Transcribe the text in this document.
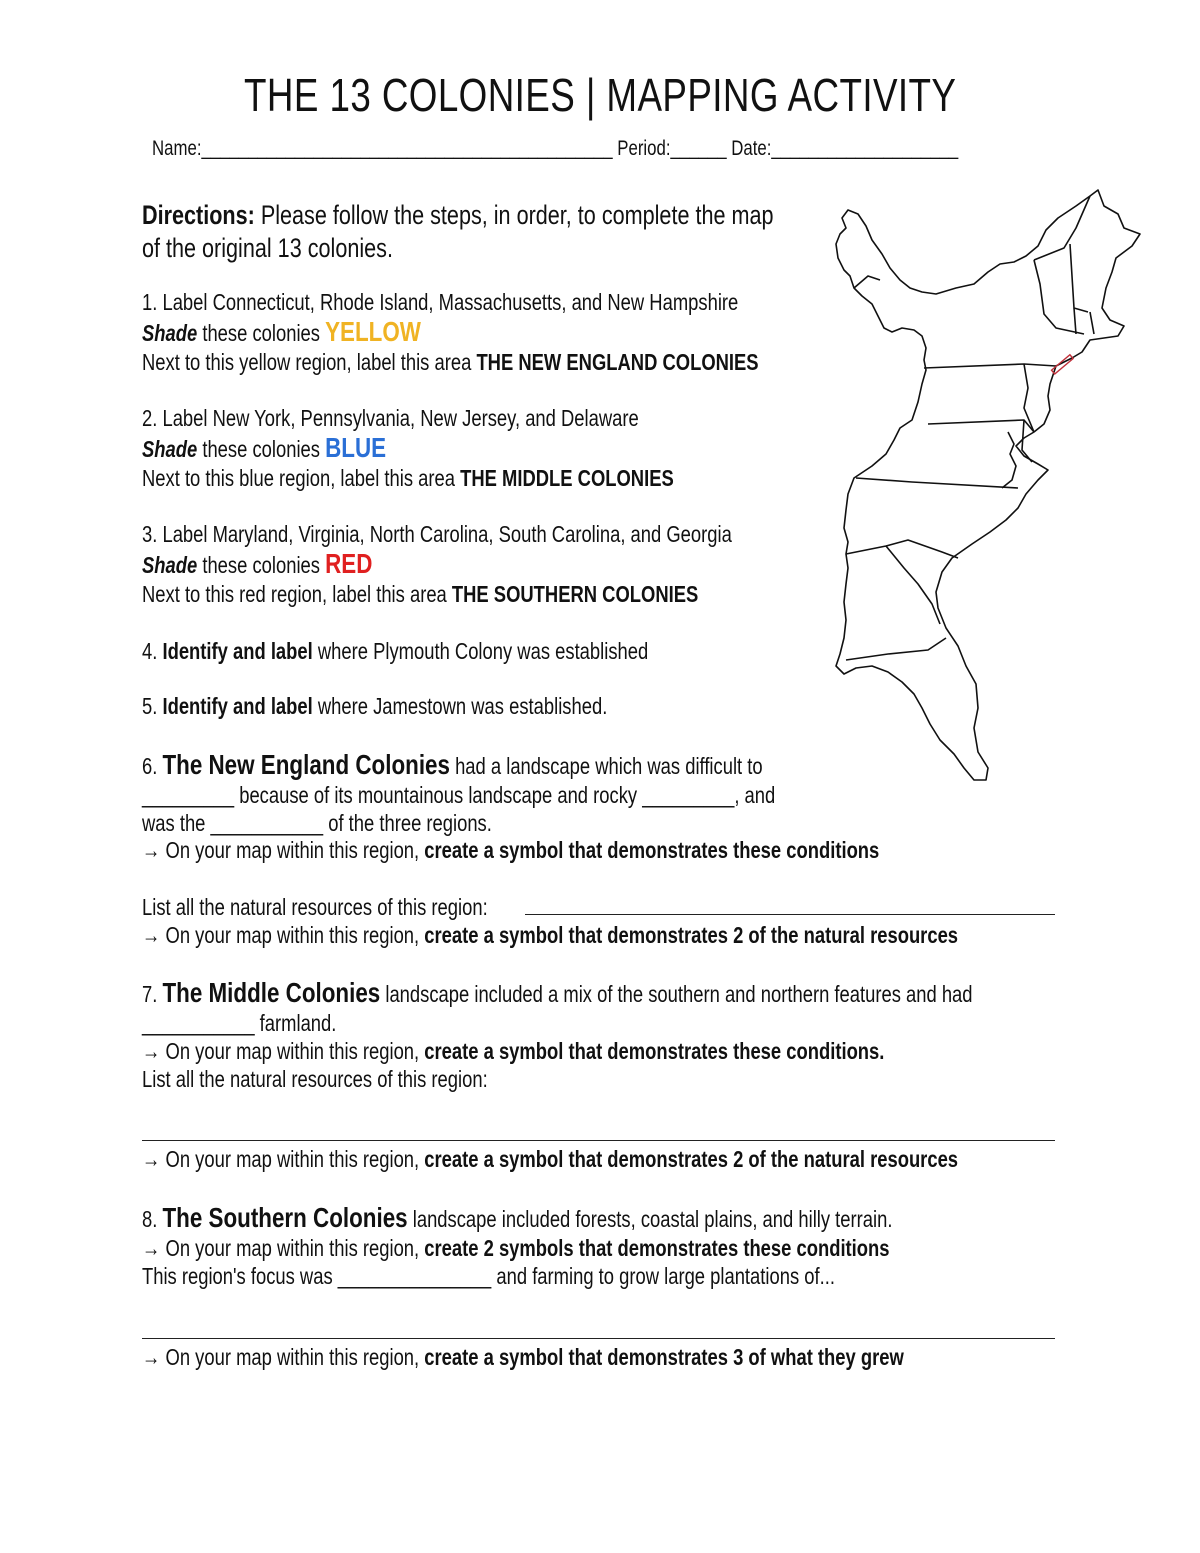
THE 13 COLONIES | MAPPING ACTIVITY
Name:____________________________________________ Period:______ Date:____________________
Directions: Please follow the steps, in order, to complete the map
of the original 13 colonies.
1. Label Connecticut, Rhode Island, Massachusetts, and New Hampshire
Shade these colonies YELLOW
Next to this yellow region, label this area THE NEW ENGLAND COLONIES
2. Label New York, Pennsylvania, New Jersey, and Delaware
Shade these colonies BLUE
Next to this blue region, label this area THE MIDDLE COLONIES
3. Label Maryland, Virginia, North Carolina, South Carolina, and Georgia
Shade these colonies RED
Next to this red region, label this area THE SOUTHERN COLONIES
4. Identify and label where Plymouth Colony was established
5. Identify and label where Jamestown was established.
6. The New England Colonies had a landscape which was difficult to
_________ because of its mountainous landscape and rocky _________, and
was the ___________ of the three regions.
→ On your map within this region, create a symbol that demonstrates these conditions
List all the natural resources of this region:
→ On your map within this region, create a symbol that demonstrates 2 of the natural resources
7. The Middle Colonies landscape included a mix of the southern and northern features and had
___________ farmland.
→ On your map within this region, create a symbol that demonstrates these conditions.
List all the natural resources of this region:
→ On your map within this region, create a symbol that demonstrates 2 of the natural resources
8. The Southern Colonies landscape included forests, coastal plains, and hilly terrain.
→ On your map within this region, create 2 symbols that demonstrates these conditions
This region's focus was _______________ and farming to grow large plantations of...
→ On your map within this region, create a symbol that demonstrates 3 of what they grew
